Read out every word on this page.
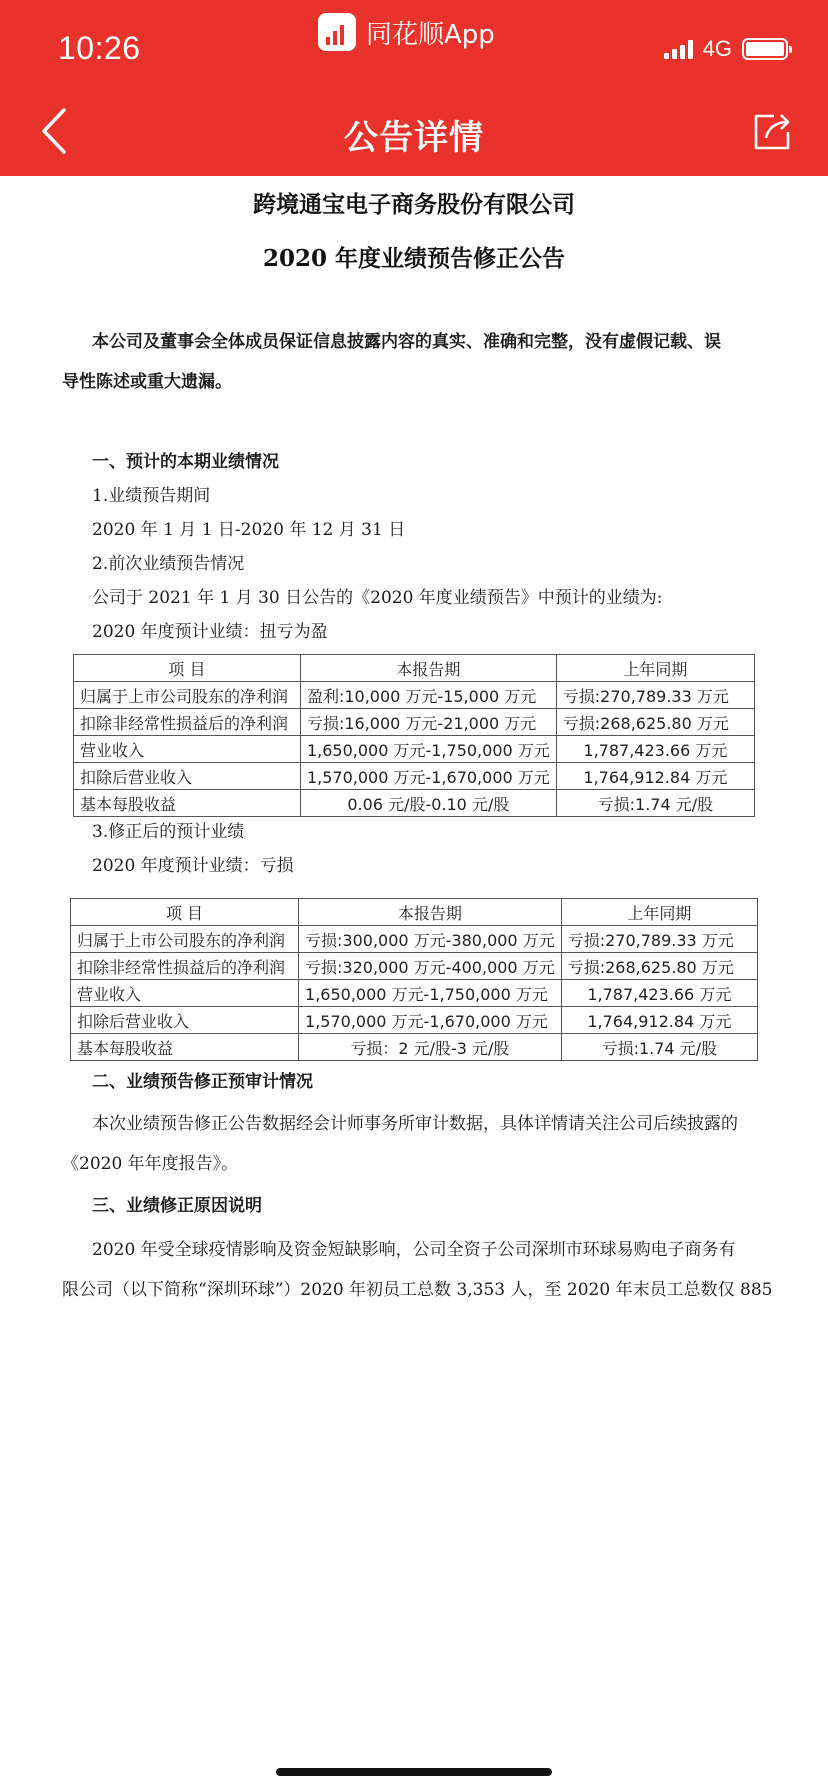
10:26	同花顺App	4G
公告详情
跨境通宝电子商务股份有限公司
2020 年度业绩预告修正公告
本公司及董事会全体成员保证信息披露内容的真实、准确和完整，没有虚假记载、误
导性陈述或重大遗漏。
一、预计的本期业绩情况
1.业绩预告期间
2020 年 1 月 1 日-2020 年 12 月 31 日
2.前次业绩预告情况
公司于 2021 年 1 月 30 日公告的《2020 年度业绩预告》中预计的业绩为:
2020 年度预计业绩：扭亏为盈
项 目	本报告期	上年同期
归属于上市公司股东的净利润	盈利:10,000 万元-15,000 万元	亏损:270,789.33 万元
扣除非经常性损益后的净利润	亏损:16,000 万元-21,000 万元	亏损:268,625.80 万元
营业收入	1,650,000 万元-1,750,000 万元	1,787,423.66 万元
扣除后营业收入	1,570,000 万元-1,670,000 万元	1,764,912.84 万元
基本每股收益	0.06 元/股-0.10 元/股	亏损:1.74 元/股
3.修正后的预计业绩
2020 年度预计业绩：亏损
项 目	本报告期	上年同期
归属于上市公司股东的净利润	亏损:300,000 万元-380,000 万元	亏损:270,789.33 万元
扣除非经常性损益后的净利润	亏损:320,000 万元-400,000 万元	亏损:268,625.80 万元
营业收入	1,650,000 万元-1,750,000 万元	1,787,423.66 万元
扣除后营业收入	1,570,000 万元-1,670,000 万元	1,764,912.84 万元
基本每股收益	亏损：2 元/股-3 元/股	亏损:1.74 元/股
二、业绩预告修正预审计情况
本次业绩预告修正公告数据经会计师事务所审计数据，具体详情请关注公司后续披露的
《2020 年年度报告》。
三、业绩修正原因说明
2020 年受全球疫情影响及资金短缺影响，公司全资子公司深圳市环球易购电子商务有
限公司（以下简称“深圳环球”）2020 年初员工总数 3,353 人，至 2020 年末员工总数仅 885
